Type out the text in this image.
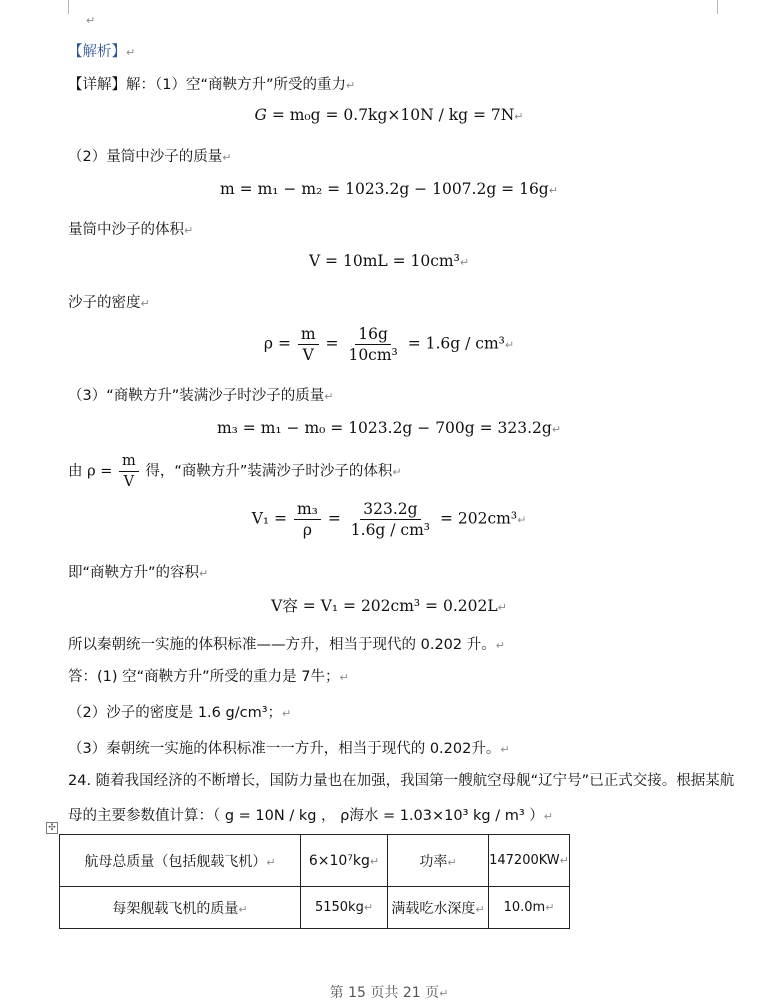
↵
【解析】↵
【详解】解：（1）空“商鞅方升”所受的重力↵
G = m₀g = 0.7kg×10N / kg = 7N↵
（2）量筒中沙子的质量↵
m = m₁ − m₂ = 1023.2g − 1007.2g = 16g↵
量筒中沙子的体积↵
V = 10mL = 10cm³↵
沙子的密度↵
$\rho = \frac{m}{V} = \frac{16g}{\text{10cm³}} = 1.6g$ / cm³↵
（3）“商鞅方升”装满沙子时沙子的质量↵
m₃ = m₁ − m₀ = 1023.2g − 700g = 323.2g↵
由 $\rho = \frac{m}{V}$ 得，“商鞅方升”装满沙子时沙子的体积↵
$V_1 = \frac{\text{m₃}}{\rho} = \frac{323.2g}{\text{1.6g / cm³}}$ = 202cm³↵
即“商鞅方升”的容积↵
V容 = V₁ = 202cm³ = 0.202L↵
所以秦朝统一实施的体积标准——方升，相当于现代的 0.202 升。↵
答：(1) 空“商鞅方升”所受的重力是 7牛；↵
（2）沙子的密度是 1.6 g/cm³；↵
（3）秦朝统一实施的体积标准一一方升，相当于现代的 0.202升。↵
24. 随着我国经济的不断增长，国防力量也在加强，我国第一艘航空母舰“辽宁号”已正式交接。根据某航
母的主要参数值计算：（ g = 10N / kg ， ρ海水 = 1.03×10³ kg / m³ ）↵
✣
航母总质量（包括舰载飞机）↵	6×10⁷kg↵	功率↵	147200KW↵
每架舰载飞机的质量↵	5150kg↵	满载吃水深度↵	10.0m↵
第 15 页共 21 页↵
